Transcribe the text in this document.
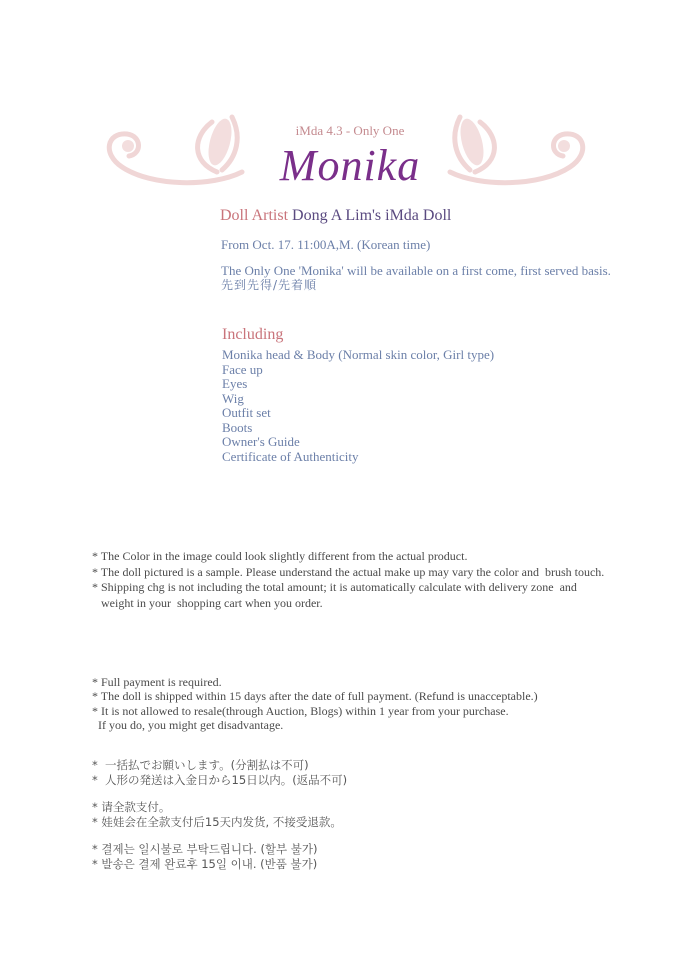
iMda 4.3 - Only One
Monika
Doll Artist Dong A Lim's iMda Doll
From Oct. 17. 11:00A,M. (Korean time)
The Only One 'Monika' will be available on a first come, first served basis.
先到先得/先着順
Including
Monika head & Body (Normal skin color, Girl type)
Face up
Eyes
Wig
Outfit set
Boots
Owner's Guide
Certificate of Authenticity
* The Color in the image could look slightly different from the actual product.
* The doll pictured is a sample. Please understand the actual make up may vary the color and  brush touch.
* Shipping chg is not including the total amount; it is automatically calculate with delivery zone  and
weight in your  shopping cart when you order.
* Full payment is required.
* The doll is shipped within 15 days after the date of full payment. (Refund is unacceptable.)
* It is not allowed to resale(through Auction, Blogs) within 1 year from your purchase.
If you do, you might get disadvantage.
*  一括払でお願いします。(分割払は不可)
*  人形の発送は入金日から15日以内。(返品不可)
* 请全款支付。
* 娃娃会在全款支付后15天内发货, 不接受退款。
* 결제는 일시불로 부탁드립니다. (할부 불가)
* 발송은 결제 완료후 15일 이내. (반품 불가)
